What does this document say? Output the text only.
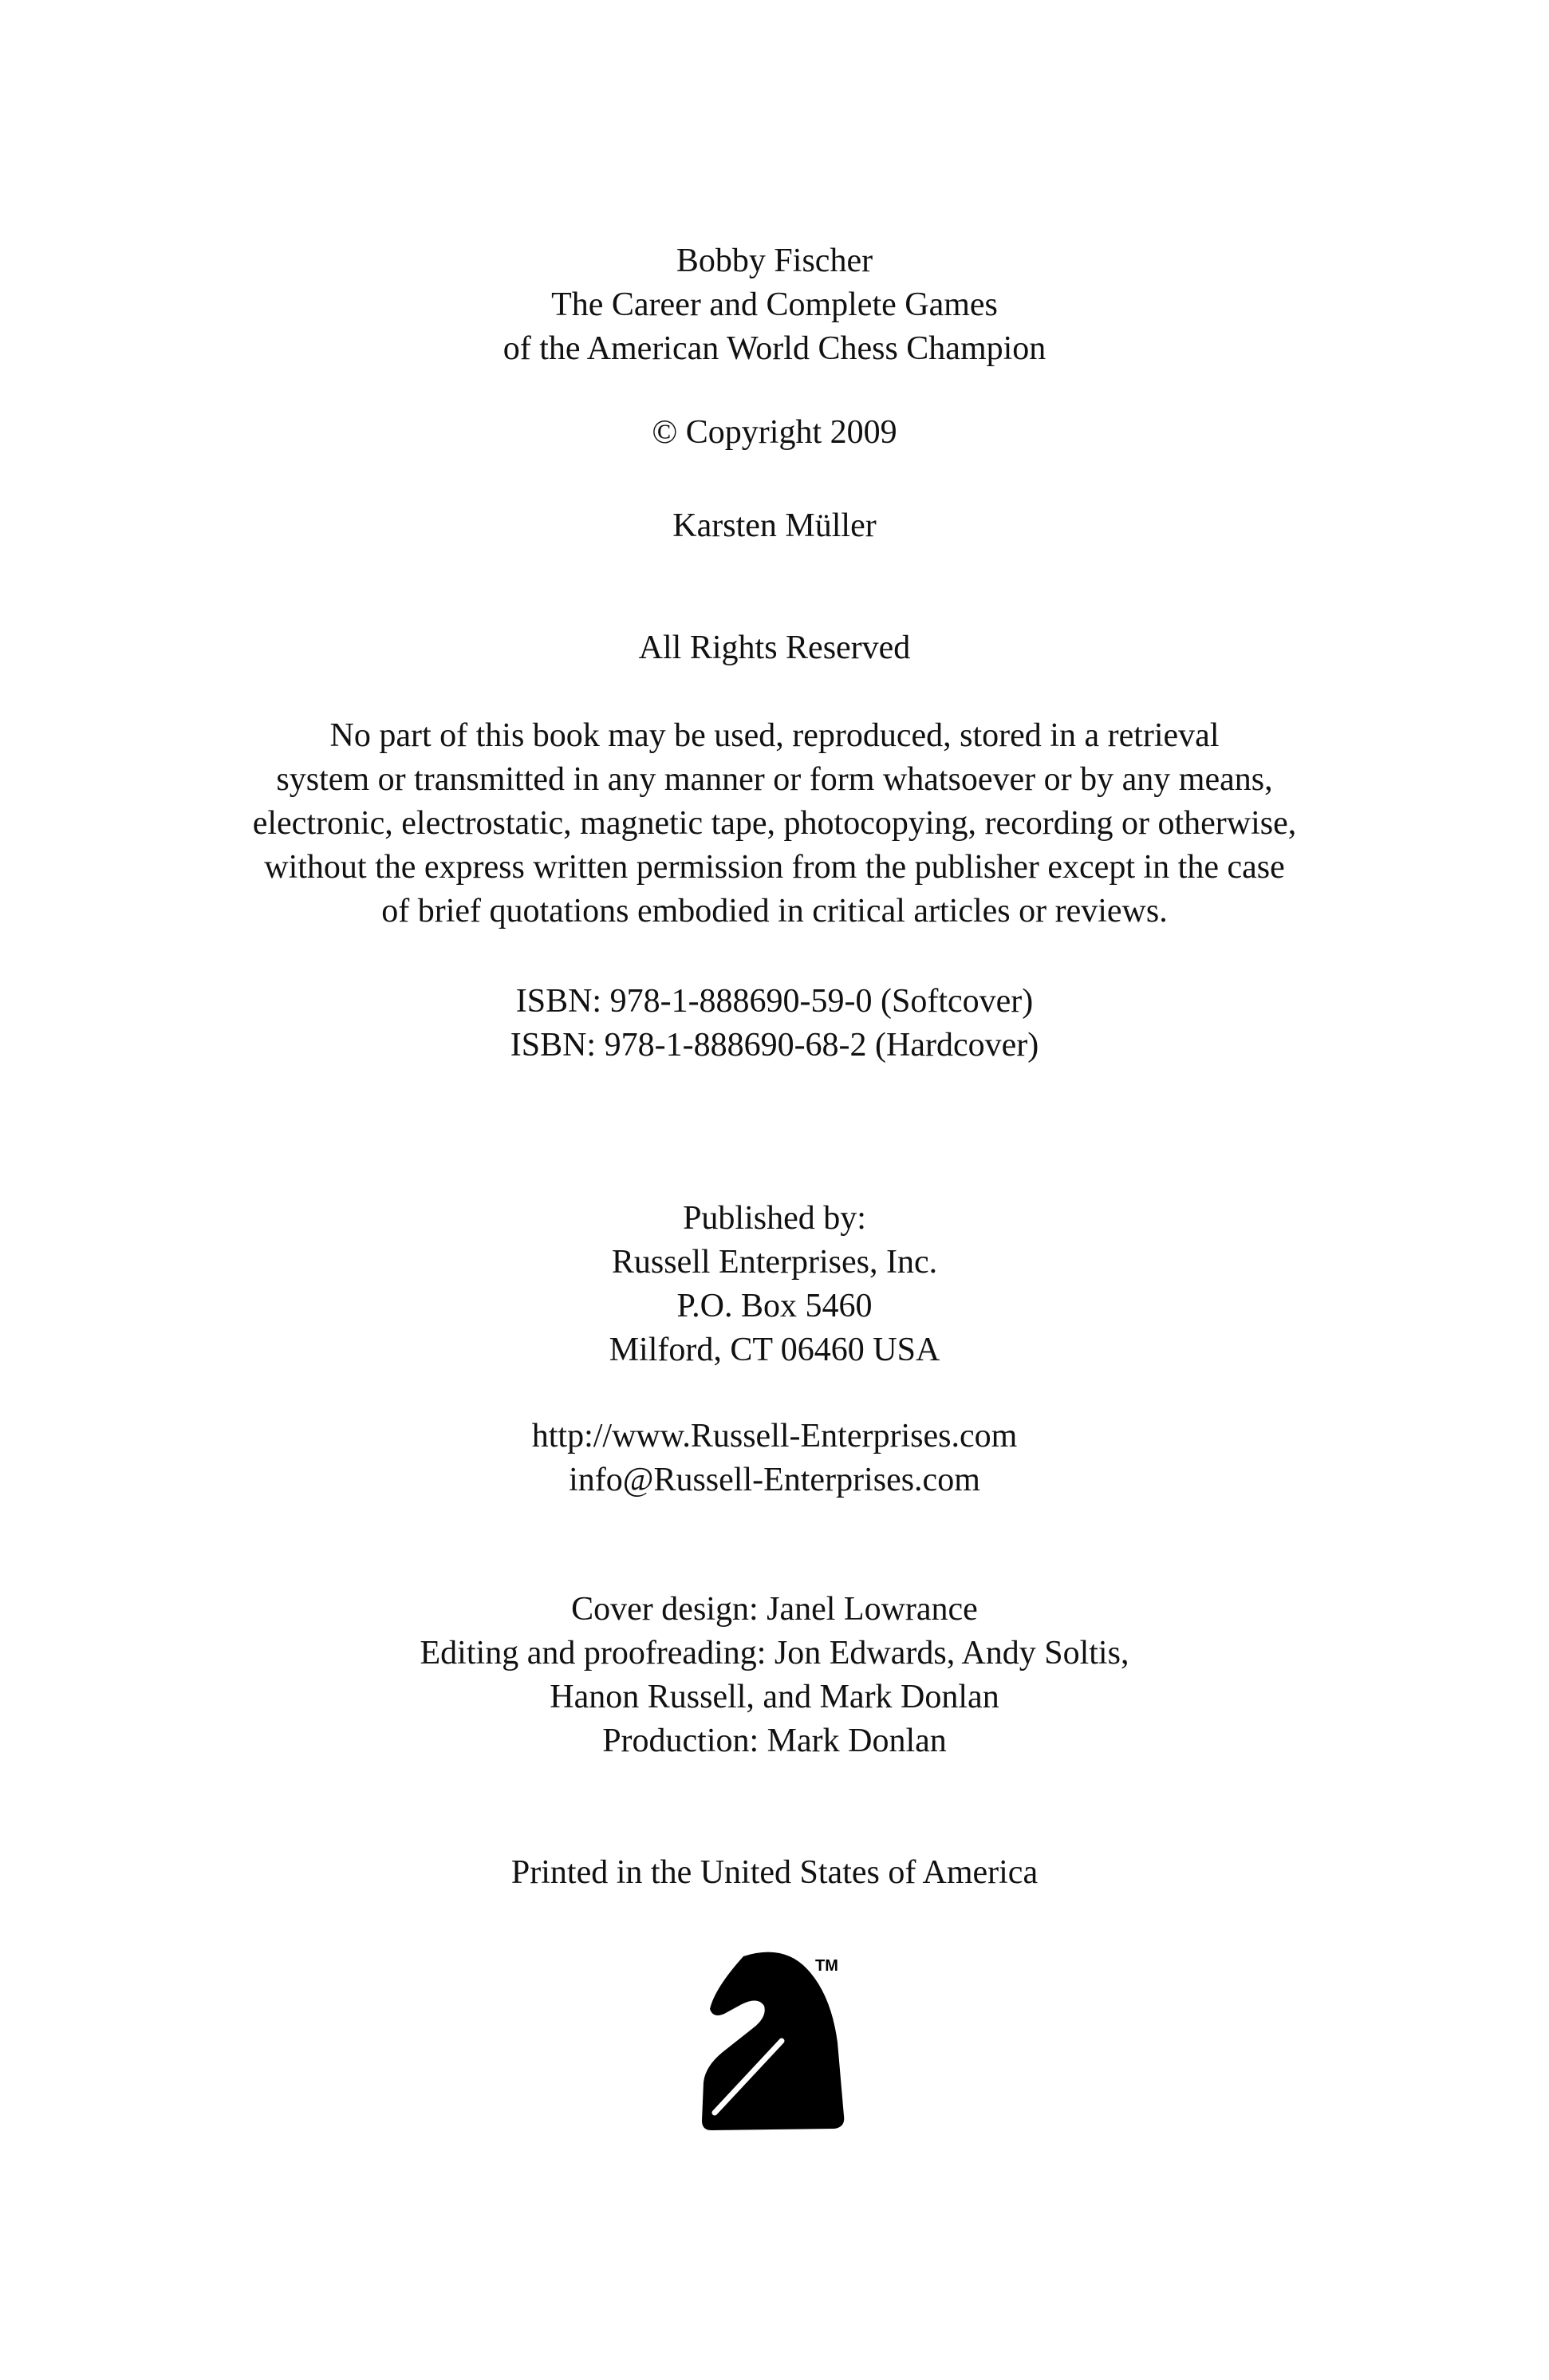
Bobby Fischer
The Career and Complete Games
of the American World Chess Champion
© Copyright 2009
Karsten Müller
All Rights Reserved
No part of this book may be used, reproduced, stored in a retrieval
system or transmitted in any manner or form whatsoever or by any means,
electronic, electrostatic, magnetic tape, photocopying, recording or otherwise,
without the express written permission from the publisher except in the case
of brief quotations embodied in critical articles or reviews.
ISBN: 978-1-888690-59-0 (Softcover)
ISBN: 978-1-888690-68-2 (Hardcover)
Published by:
Russell Enterprises, Inc.
P.O. Box 5460
Milford, CT 06460 USA
http://www.Russell-Enterprises.com
info@Russell-Enterprises.com
Cover design: Janel Lowrance
Editing and proofreading: Jon Edwards, Andy Soltis,
Hanon Russell, and Mark Donlan
Production: Mark Donlan
Printed in the United States of America
TM
